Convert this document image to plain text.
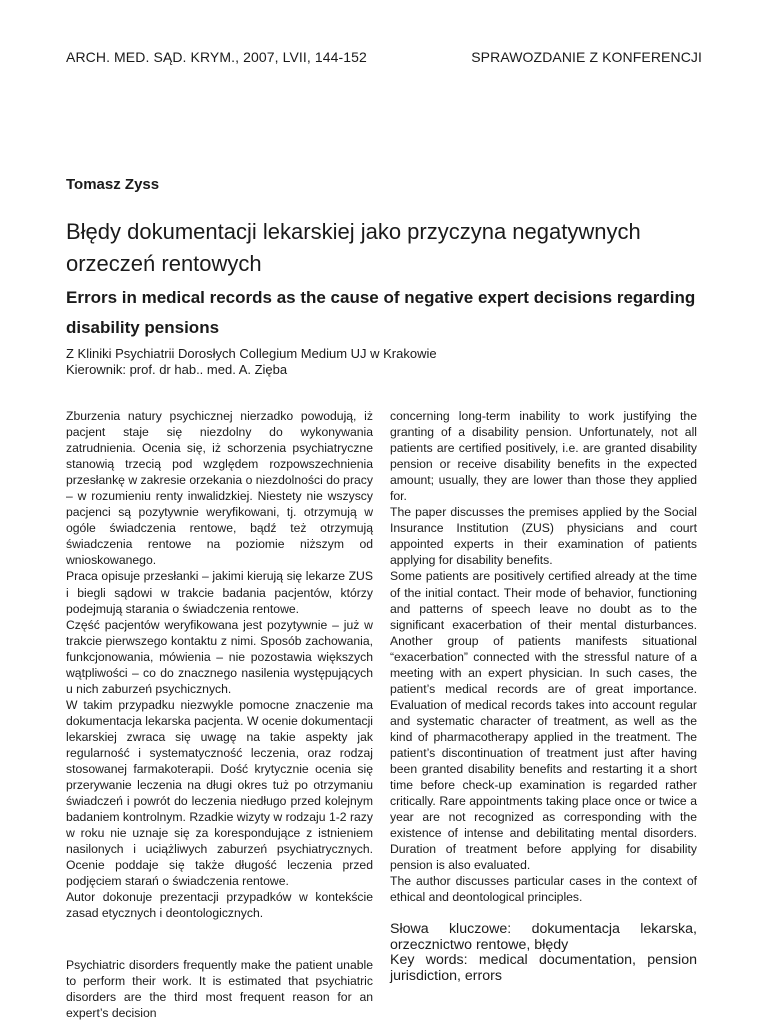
ARCH. MED. SĄD. KRYM., 2007, LVII, 144-152	SPRAWOZDANIE Z KONFERENCJI
Tomasz Zyss
Błędy dokumentacji lekarskiej jako przyczyna negatywnych orzeczeń rentowych
Errors in medical records as the cause of negative expert decisions regarding disability pensions
Z Kliniki Psychiatrii Dorosłych Collegium Medium UJ w Krakowie
Kierownik: prof. dr hab.. med. A. Zięba

Zburzenia natury psychicznej nierzadko powodują, iż pacjent staje się niezdolny do wykonywania zatrudnienia. Ocenia się, iż schorzenia psychiatryczne stanowią trzecią pod względem rozpowszechnienia przesłankę w zakresie orzekania o niezdolności do pracy – w rozumieniu renty inwalidzkiej. Niestety nie wszyscy pacjenci są pozytywnie weryfikowani, tj. otrzymują w ogóle świadczenia rentowe, bądź też otrzymują świadczenia rentowe na poziomie niższym od wnioskowanego.

Praca opisuje przesłanki – jakimi kierują się lekarze ZUS i biegli sądowi w trakcie badania pacjentów, którzy podejmują starania o świadczenia rentowe.

Część pacjentów weryfikowana jest pozytywnie – już w trakcie pierwszego kontaktu z nimi. Sposób zachowania, funkcjonowania, mówienia – nie pozostawia większych wątpliwości – co do znacznego nasilenia występujących u nich zaburzeń psychicznych.

W takim przypadku niezwykle pomocne znaczenie ma dokumentacja lekarska pacjenta. W ocenie dokumentacji lekarskiej zwraca się uwagę na takie aspekty jak regularność i systematyczność leczenia, oraz rodzaj stosowanej farmakoterapii. Dość krytycznie ocenia się przerywanie leczenia na długi okres tuż po otrzymaniu świadczeń i powrót do leczenia niedługo przed kolejnym badaniem kontrolnym. Rzadkie wizyty w rodzaju 1-2 razy w roku nie uznaje się za korespondujące z istnieniem nasilonych i uciążliwych zaburzeń psychiatrycznych. Ocenie poddaje się także długość leczenia przed podjęciem starań o świadczenia rentowe.

Autor dokonuje prezentacji przypadków w kontekście zasad etycznych i deontologicznych.

Psychiatric disorders frequently make the patient unable to perform their work. It is estimated that psychiatric disorders are the third most frequent reason for an expert’s decision

concerning long-term inability to work justifying the granting of a disability pension. Unfortunately, not all patients are certified positively, i.e. are granted disability pension or receive disability benefits in the expected amount; usually, they are lower than those they applied for.

The paper discusses the premises applied by the Social Insurance Institution (ZUS) physicians and court appointed experts in their examination of patients applying for disability benefits.

Some patients are positively certified already at the time of the initial contact. Their mode of behavior, functioning and patterns of speech leave no doubt as to the significant exacerbation of their mental disturbances. Another group of patients manifests situational “exacerbation” connected with the stressful nature of a meeting with an expert physician. In such cases, the patient’s medical records are of great importance. Evaluation of medical records takes into account regular and systematic character of treatment, as well as the kind of pharmacotherapy applied in the treatment. The patient’s discontinuation of treatment just after having been granted disability benefits and restarting it a short time before check-up examination is regarded rather critically. Rare appointments taking place once or twice a year are not recognized as corresponding with the existence of intense and debilitating mental disorders. Duration of treatment before applying for disability pension is also evaluated.

The author discusses particular cases in the context of ethical and deontological principles.

Słowa kluczowe: dokumentacja lekarska, orzecznictwo rentowe, błędy

Key words: medical documentation, pension jurisdiction, errors
